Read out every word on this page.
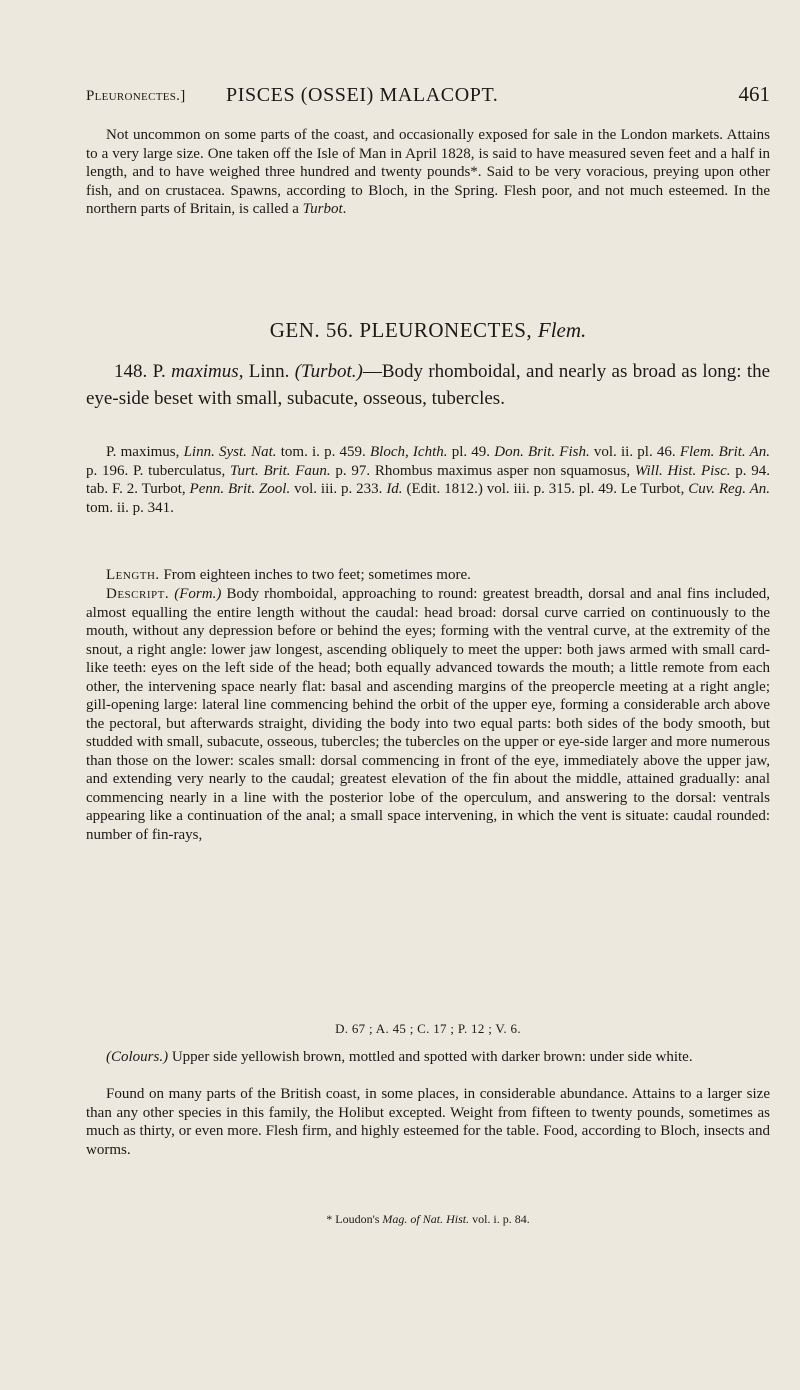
Pleuronectes.] PISCES (OSSEI) MALACOPT.	461

Not uncommon on some parts of the coast, and occasionally exposed for sale in the London markets. Attains to a very large size. One taken off the Isle of Man in April 1828, is said to have measured seven feet and a half in length, and to have weighed three hundred and twenty pounds*. Said to be very voracious, preying upon other fish, and on crustacea. Spawns, according to Bloch, in the Spring. Flesh poor, and not much esteemed. In the northern parts of Britain, is called a Turbot.

GEN. 56. PLEURONECTES, Flem.

148. P. maximus, Linn. (Turbot.)—Body rhomboidal, and nearly as broad as long: the eye-side beset with small, subacute, osseous, tubercles.

P. maximus, Linn. Syst. Nat. tom. i. p. 459. Bloch, Ichth. pl. 49. Don. Brit. Fish. vol. ii. pl. 46. Flem. Brit. An. p. 196. P. tuberculatus, Turt. Brit. Faun. p. 97. Rhombus maximus asper non squamosus, Will. Hist. Pisc. p. 94. tab. F. 2. Turbot, Penn. Brit. Zool. vol. iii. p. 233. Id. (Edit. 1812.) vol. iii. p. 315. pl. 49. Le Turbot, Cuv. Reg. An. tom. ii. p. 341.

Length. From eighteen inches to two feet; sometimes more.

Descript. (Form.) Body rhomboidal, approaching to round: greatest breadth, dorsal and anal fins included, almost equalling the entire length without the caudal: head broad: dorsal curve carried on continuously to the mouth, without any depression before or behind the eyes; forming with the ventral curve, at the extremity of the snout, a right angle: lower jaw longest, ascending obliquely to meet the upper: both jaws armed with small card-like teeth: eyes on the left side of the head; both equally advanced towards the mouth; a little remote from each other, the intervening space nearly flat: basal and ascending margins of the preopercle meeting at a right angle; gill-opening large: lateral line commencing behind the orbit of the upper eye, forming a considerable arch above the pectoral, but afterwards straight, dividing the body into two equal parts: both sides of the body smooth, but studded with small, subacute, osseous, tubercles; the tubercles on the upper or eye-side larger and more numerous than those on the lower: scales small: dorsal commencing in front of the eye, immediately above the upper jaw, and extending very nearly to the caudal; greatest elevation of the fin about the middle, attained gradually: anal commencing nearly in a line with the posterior lobe of the operculum, and answering to the dorsal: ventrals appearing like a continuation of the anal; a small space intervening, in which the vent is situate: caudal rounded: number of fin-rays,

D. 67 ; A. 45 ; C. 17 ; P. 12 ; V. 6.

(Colours.) Upper side yellowish brown, mottled and spotted with darker brown: under side white.

Found on many parts of the British coast, in some places, in considerable abundance. Attains to a larger size than any other species in this family, the Holibut excepted. Weight from fifteen to twenty pounds, sometimes as much as thirty, or even more. Flesh firm, and highly esteemed for the table. Food, according to Bloch, insects and worms.

* Loudon's Mag. of Nat. Hist. vol. i. p. 84.
